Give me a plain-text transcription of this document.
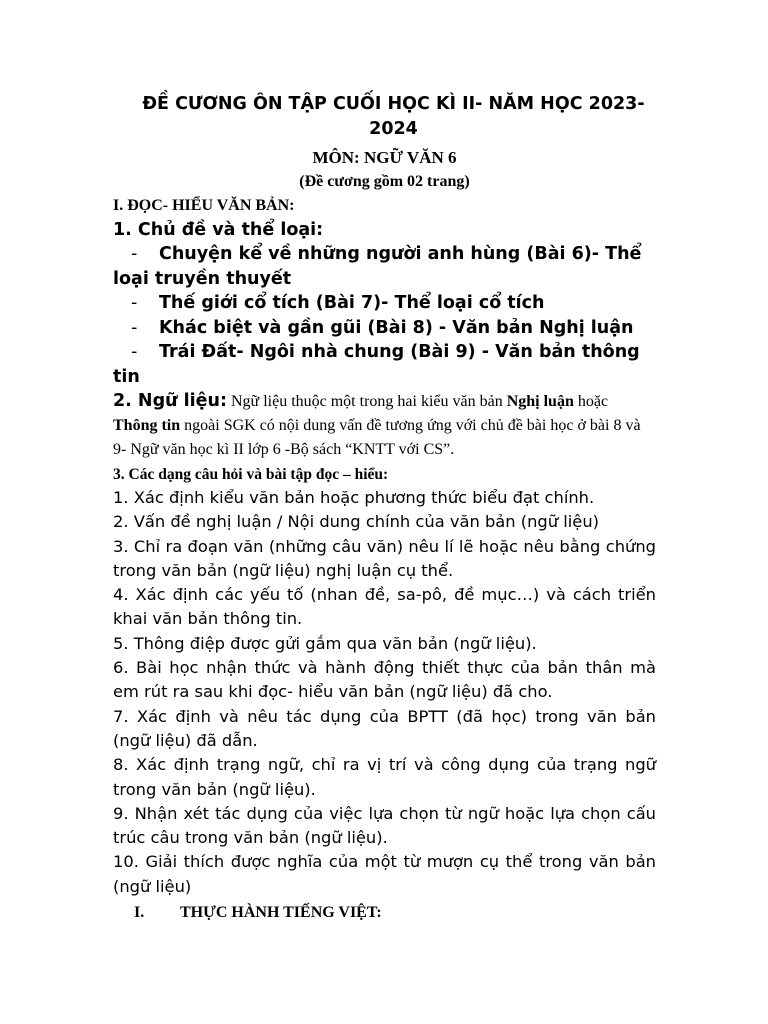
ĐỀ CƯƠNG ÔN TẬP CUỐI HỌC KÌ II- NĂM HỌC 2023-2024
MÔN: NGỮ VĂN 6
(Đề cương gồm 02 trang)
I. ĐỌC- HIỂU VĂN BẢN:
1. Chủ đề và thể loại:
- Chuyện kể về những người anh hùng (Bài 6)- Thể loại truyền thuyết
- Thế giới cổ tích (Bài 7)- Thể loại cổ tích
- Khác biệt và gần gũi (Bài 8) - Văn bản Nghị luận
- Trái Đất- Ngôi nhà chung (Bài 9) - Văn bản thông tin
2. Ngữ liệu: Ngữ liệu thuộc một trong hai kiểu văn bản Nghị luận hoặc Thông tin ngoài SGK có nội dung vấn đề tương ứng với chủ đề bài học ở bài 8 và 9- Ngữ văn học kì II lớp 6 -Bộ sách “KNTT với CS”.
3. Các dạng câu hỏi và bài tập đọc – hiểu:
1. Xác định kiểu văn bản hoặc phương thức biểu đạt chính.
2. Vấn đề nghị luận / Nội dung chính của văn bản (ngữ liệu)
3. Chỉ ra đoạn văn (những câu văn) nêu lí lẽ hoặc nêu bằng chứng trong văn bản (ngữ liệu) nghị luận cụ thể.
4. Xác định các yếu tố (nhan đề, sa-pô, đề mục…) và cách triển khai văn bản thông tin.
5. Thông điệp được gửi gắm qua văn bản (ngữ liệu).
6. Bài học nhận thức và hành động thiết thực của bản thân mà em rút ra sau khi đọc- hiểu văn bản (ngữ liệu) đã cho.
7. Xác định và nêu tác dụng của BPTT (đã học) trong văn bản (ngữ liệu) đã dẫn.
8. Xác định trạng ngữ, chỉ ra vị trí và công dụng của trạng ngữ trong văn bản (ngữ liệu).
9. Nhận xét tác dụng của việc lựa chọn từ ngữ hoặc lựa chọn cấu trúc câu trong văn bản (ngữ liệu).
10. Giải thích được nghĩa của một từ mượn cụ thể trong văn bản (ngữ liệu)
I. THỰC HÀNH TIẾNG VIỆT:
